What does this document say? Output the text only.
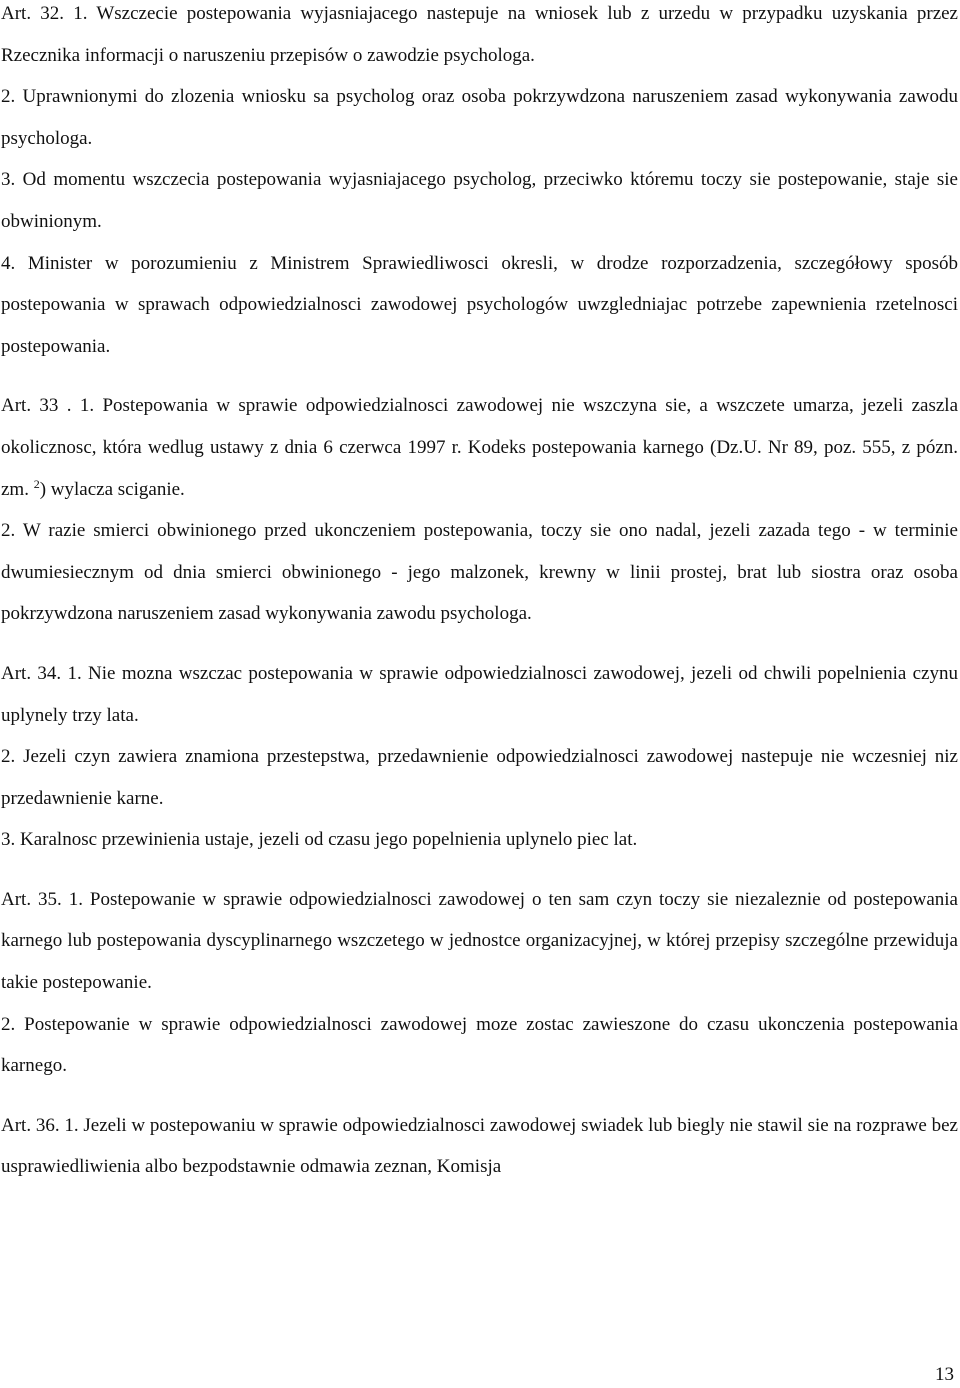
Art. 32. 1. Wszczecie postepowania wyjasniajacego nastepuje na wniosek lub z urzedu w przypadku uzyskania przez Rzecznika informacji o naruszeniu przepisów o zawodzie psychologa.

2. Uprawnionymi do zlozenia wniosku sa psycholog oraz osoba pokrzywdzona naruszeniem zasad wykonywania zawodu psychologa.

3. Od momentu wszczecia postepowania wyjasniajacego psycholog, przeciwko któremu toczy sie postepowanie, staje sie obwinionym.

4. Minister w porozumieniu z Ministrem Sprawiedliwosci okresli, w drodze rozporzadzenia, szczegółowy sposób postepowania w sprawach odpowiedzialnosci zawodowej psychologów uwzgledniajac potrzebe zapewnienia rzetelnosci postepowania.

Art. 33 . 1. Postepowania w sprawie odpowiedzialnosci zawodowej nie wszczyna sie, a wszczete umarza, jezeli zaszla okolicznosc, która wedlug ustawy z dnia 6 czerwca 1997 r. Kodeks postepowania karnego (Dz.U. Nr 89, poz. 555, z pózn. zm. $^2$) wylacza sciganie.

2. W razie smierci obwinionego przed ukonczeniem postepowania, toczy sie ono nadal, jezeli zazada tego - w terminie dwumiesiecznym od dnia smierci obwinionego - jego malzonek, krewny w linii prostej, brat lub siostra oraz osoba pokrzywdzona naruszeniem zasad wykonywania zawodu psychologa.

Art. 34. 1. Nie mozna wszczac postepowania w sprawie odpowiedzialnosci zawodowej, jezeli od chwili popelnienia czynu uplynely trzy lata.

2. Jezeli czyn zawiera znamiona przestepstwa, przedawnienie odpowiedzialnosci zawodowej nastepuje nie wczesniej niz przedawnienie karne.

3. Karalnosc przewinienia ustaje, jezeli od czasu jego popelnienia uplynelo piec lat.

Art. 35. 1. Postepowanie w sprawie odpowiedzialnosci zawodowej o ten sam czyn toczy sie niezaleznie od postepowania karnego lub postepowania dyscyplinarnego wszczetego w jednostce organizacyjnej, w której przepisy szczególne przewiduja takie postepowanie.

2. Postepowanie w sprawie odpowiedzialnosci zawodowej moze zostac zawieszone do czasu ukonczenia postepowania karnego.

Art. 36. 1. Jezeli w postepowaniu w sprawie odpowiedzialnosci zawodowej swiadek lub biegly nie stawil sie na rozprawe bez usprawiedliwienia albo bezpodstawnie odmawia zeznan, Komisja

13
